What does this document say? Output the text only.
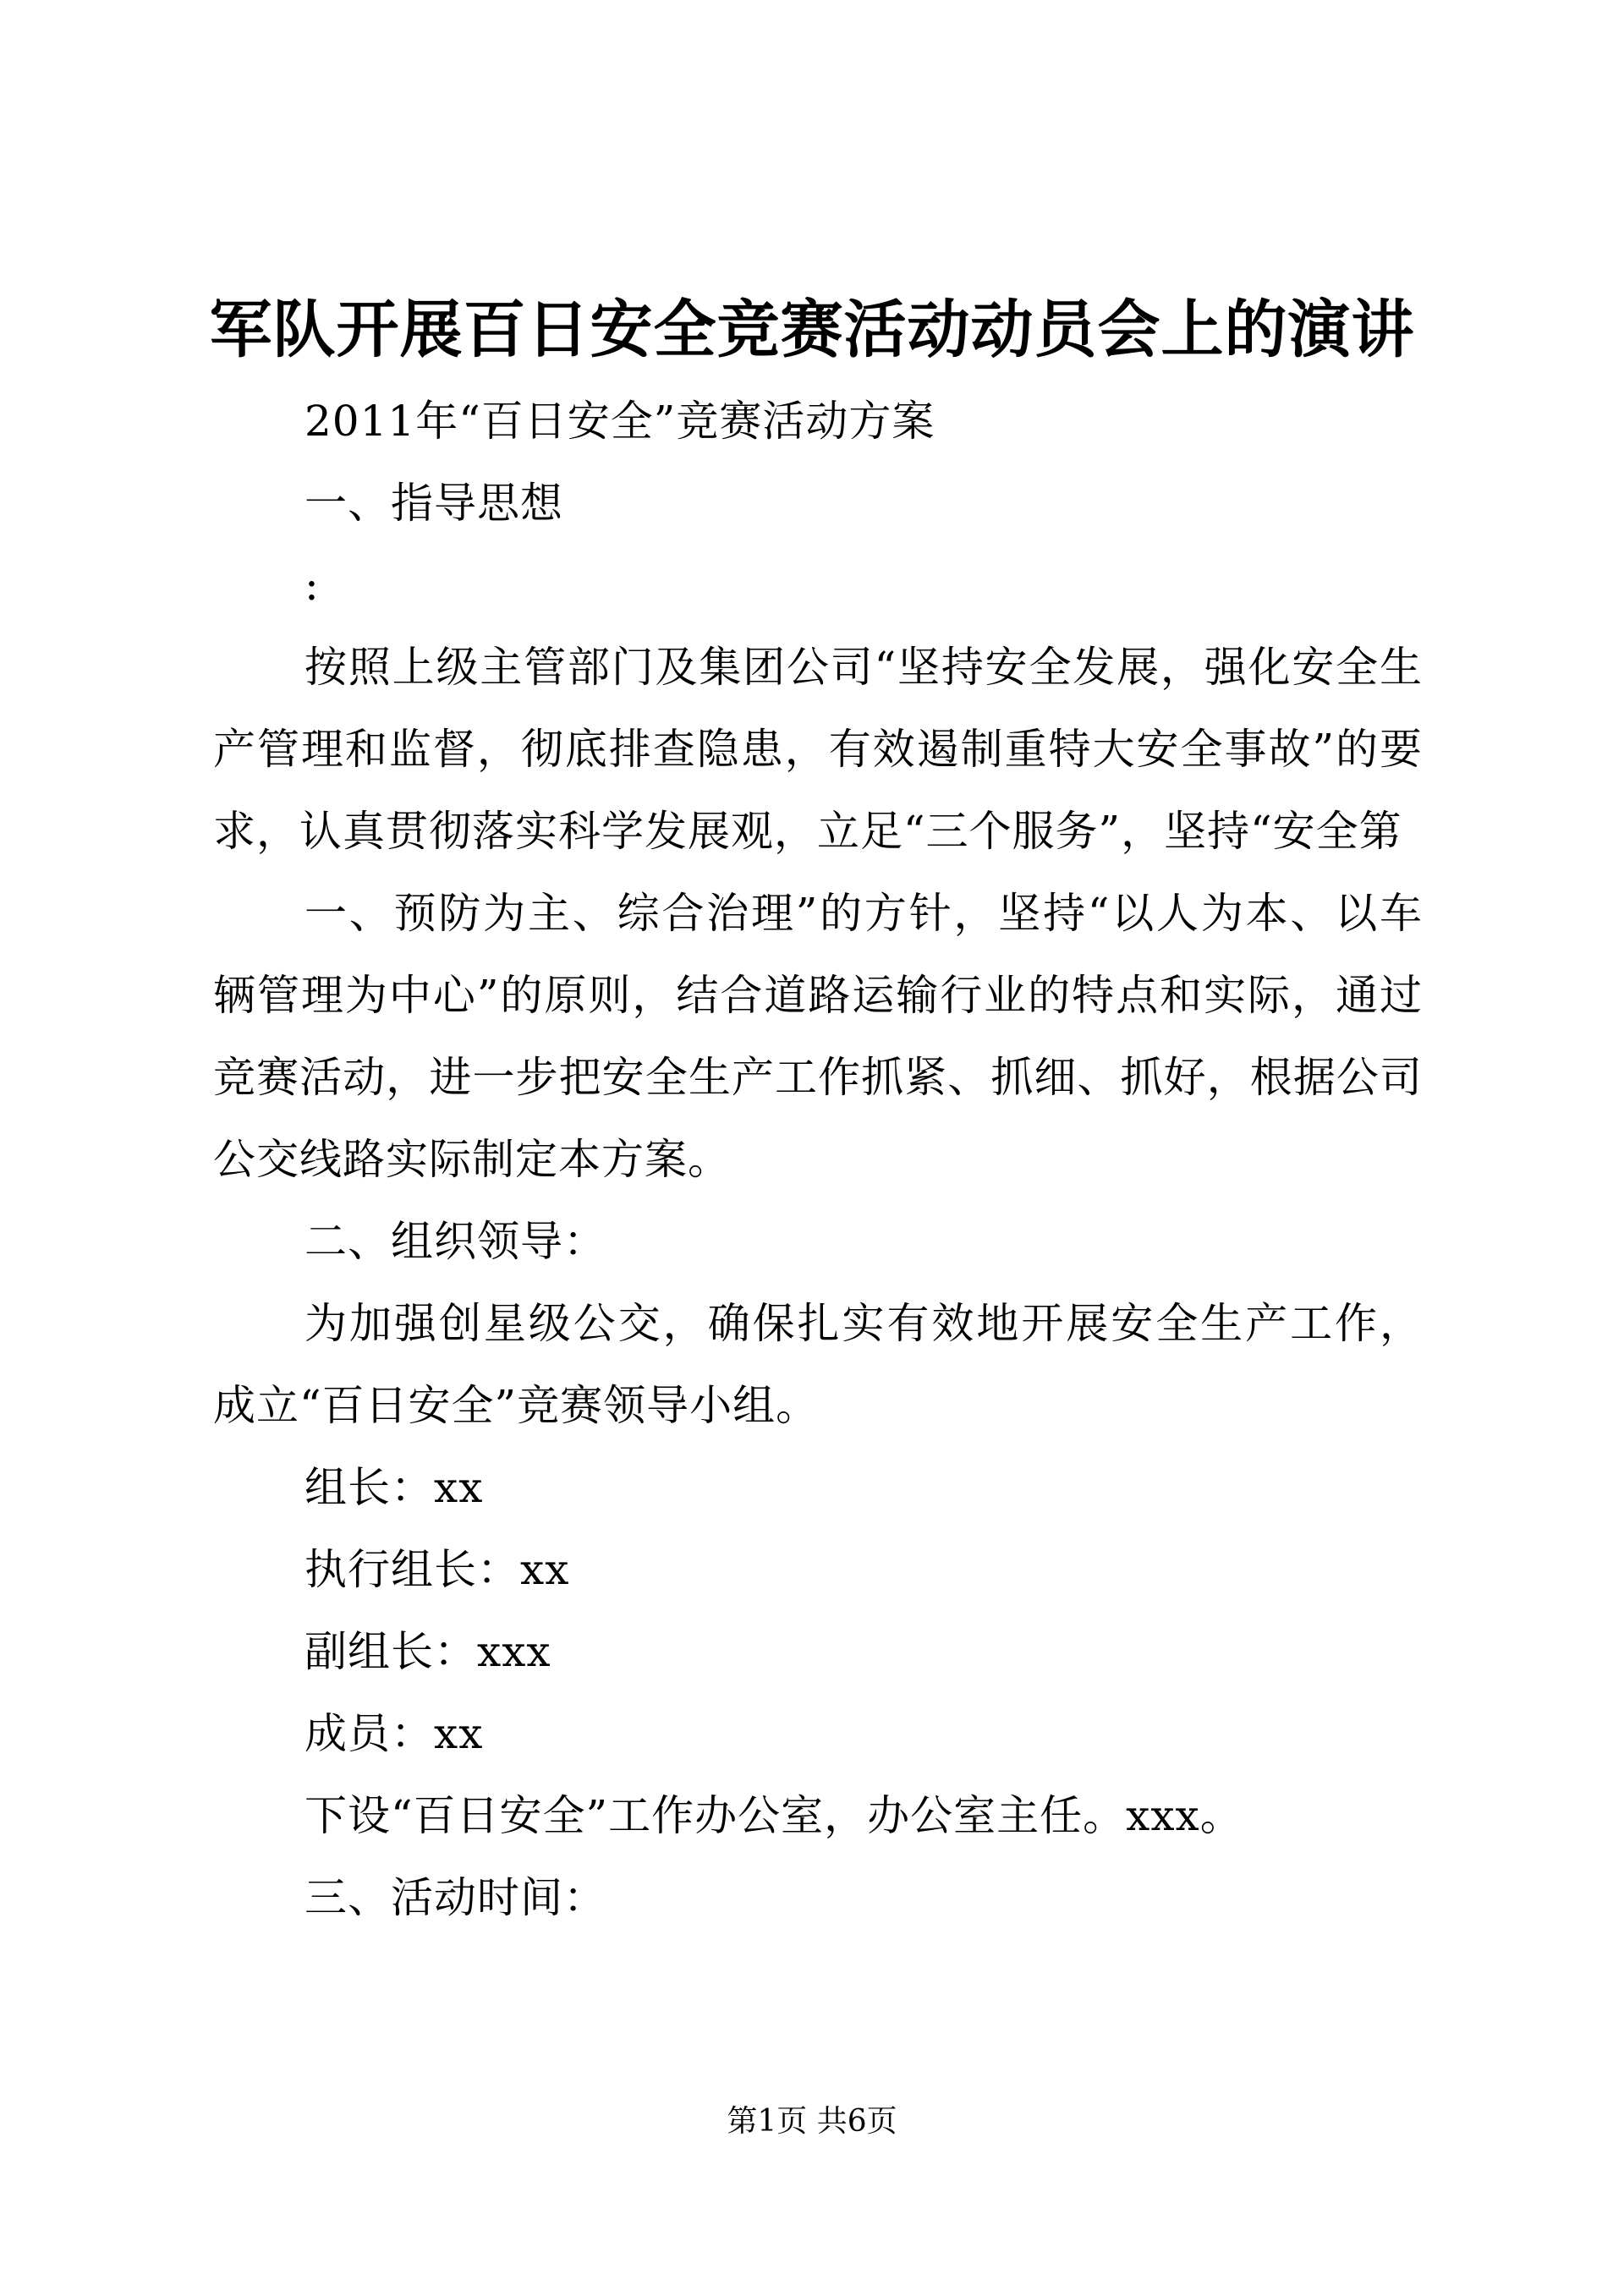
军队开展百日安全竞赛活动动员会上的演讲

2011年“百日安全”竞赛活动方案

一、指导思想

:

按照上级主管部门及集团公司“坚持安全发展，强化安全生产管理和监督，彻底排查隐患，有效遏制重特大安全事故”的要求，认真贯彻落实科学发展观，立足“三个服务”，坚持“安全第

一、预防为主、综合治理”的方针，坚持“以人为本、以车辆管理为中心”的原则，结合道路运输行业的特点和实际，通过竞赛活动，进一步把安全生产工作抓紧、抓细、抓好，根据公司公交线路实际制定本方案。

二、组织领导：

为加强创星级公交，确保扎实有效地开展安全生产工作，成立“百日安全”竞赛领导小组。

组长：xx

执行组长：xx

副组长：xxx

成员：xx

下设“百日安全”工作办公室，办公室主任。xxx。

三、活动时间：

第1页 共6页
